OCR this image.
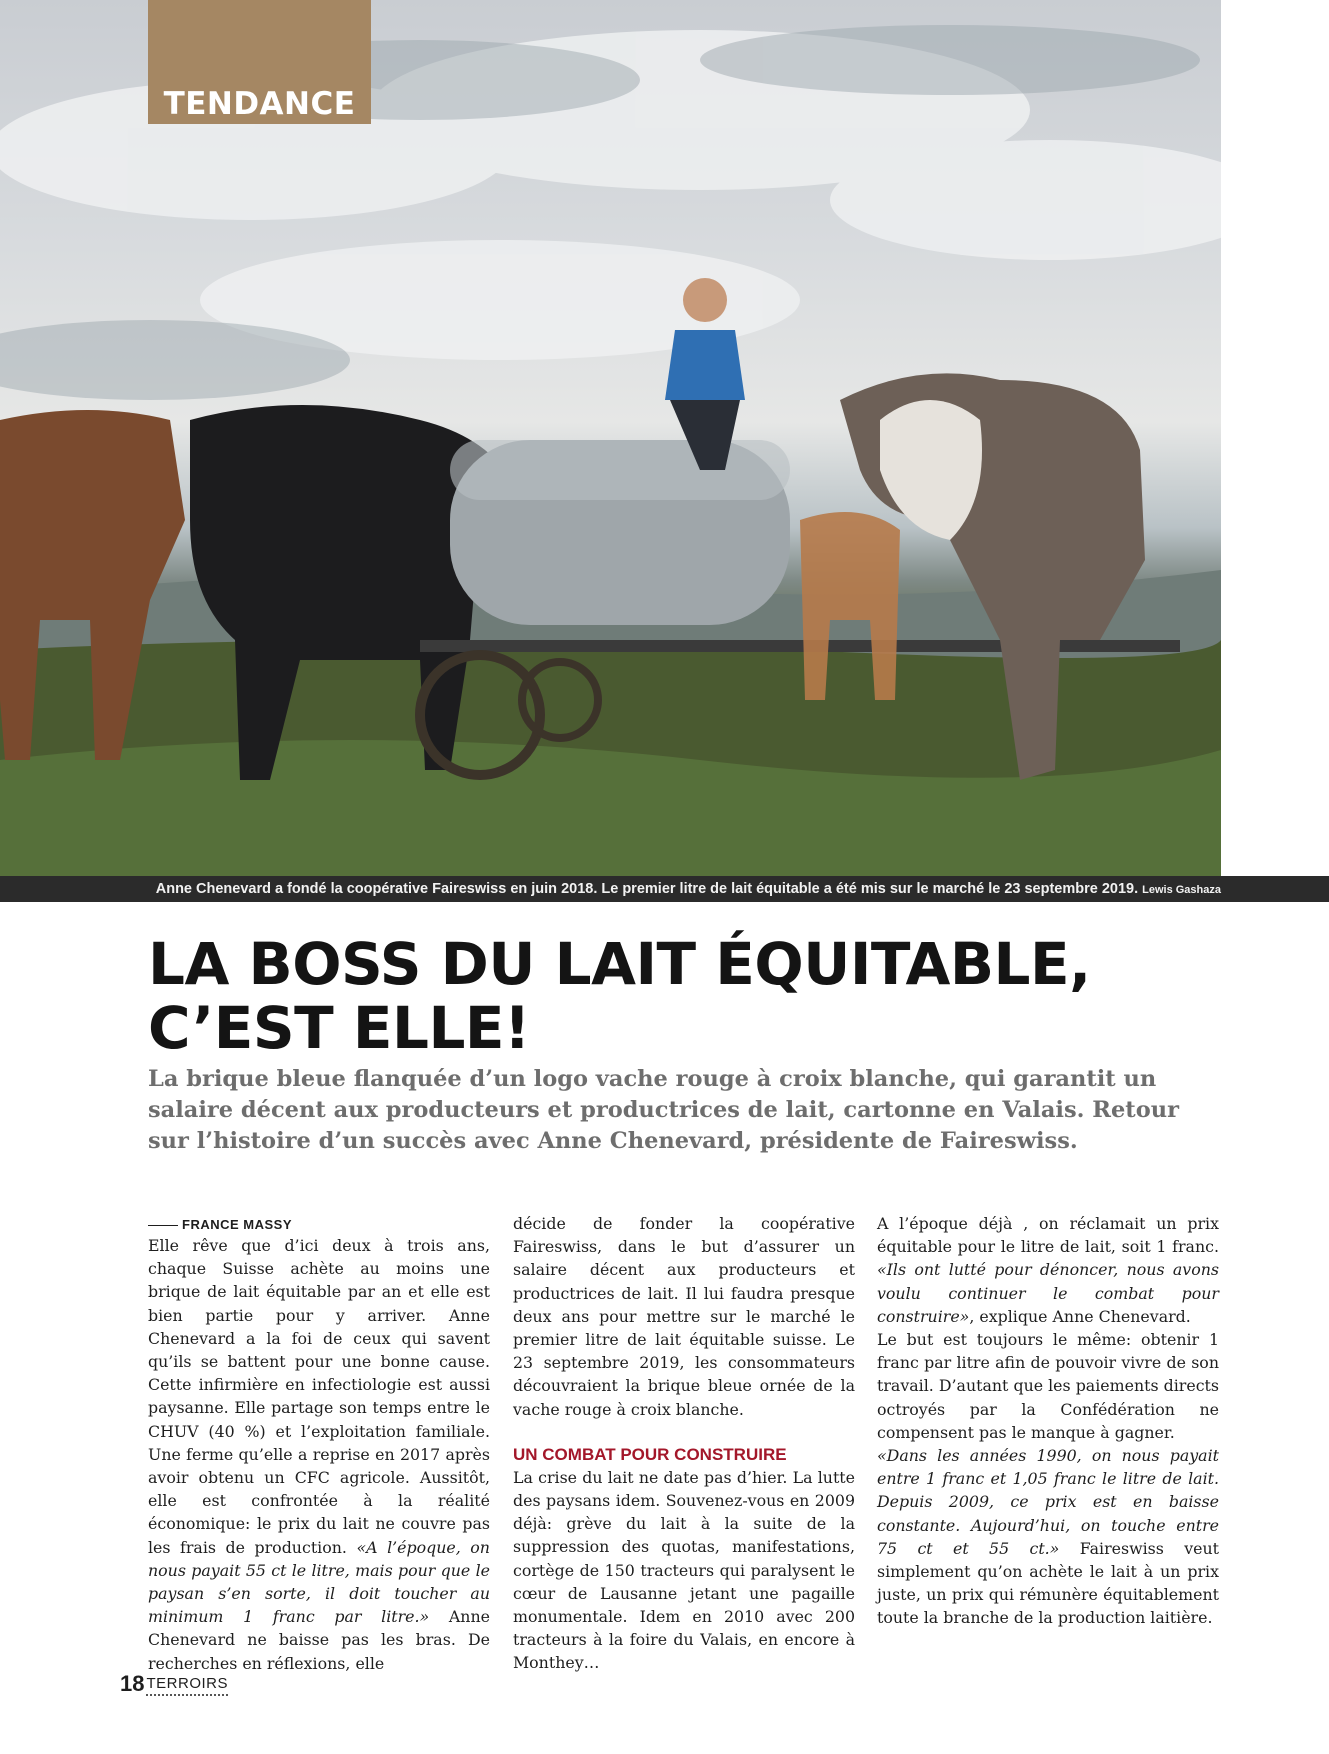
TENDANCE
Anne Chenevard a fondé la coopérative Faireswiss en juin 2018. Le premier litre de lait équitable a été mis sur le marché le 23 septembre 2019. Lewis Gashaza
LA BOSS DU LAIT ÉQUITABLE,
C’EST ELLE!

La brique bleue flanquée d’un logo vache rouge à croix blanche, qui garantit un salaire décent aux producteurs et productrices de lait, cartonne en Valais. Retour sur l’histoire d’un succès avec Anne Chenevard, présidente de Faireswiss.

FRANCE MASSY

Elle rêve que d’ici deux à trois ans, chaque Suisse achète au moins une brique de lait équitable par an et elle est bien partie pour y arriver. Anne Chenevard a la foi de ceux qui savent qu’ils se battent pour une bonne cause. Cette infirmière en infectiologie est aussi paysanne. Elle partage son temps entre le CHUV (40 %) et l’exploitation familiale. Une ferme qu’elle a reprise en 2017 après avoir obtenu un CFC agricole. Aussitôt, elle est confrontée à la réalité économique: le prix du lait ne couvre pas les frais de production. «A l’époque, on nous payait 55 ct le litre, mais pour que le paysan s’en sorte, il doit toucher au minimum 1 franc par litre.» Anne Chenevard ne baisse pas les bras. De recherches en réflexions, elle

décide de fonder la coopérative Faireswiss, dans le but d’assurer un salaire décent aux producteurs et productrices de lait. Il lui faudra presque deux ans pour mettre sur le marché le premier litre de lait équitable suisse. Le 23 septembre 2019, les consommateurs découvraient la brique bleue ornée de la vache rouge à croix blanche.

UN COMBAT POUR CONSTRUIRE

La crise du lait ne date pas d’hier. La lutte des paysans idem. Souvenez-vous en 2009 déjà: grève du lait à la suite de la suppression des quotas, manifestations, cortège de 150 tracteurs qui paralysent le cœur de Lausanne jetant une pagaille monumentale. Idem en 2010 avec 200 tracteurs à la foire du Valais, en encore à Monthey…

A l’époque déjà , on réclamait un prix équitable pour le litre de lait, soit 1 franc. «Ils ont lutté pour dénoncer, nous avons voulu continuer le combat pour construire», explique Anne Chenevard.

Le but est toujours le même: obtenir 1 franc par litre afin de pouvoir vivre de son travail. D’autant que les paiements directs octroyés par la Confédération ne compensent pas le manque à gagner.

«Dans les années 1990, on nous payait entre 1 franc et 1,05 franc le litre de lait. Depuis 2009, ce prix est en baisse constante. Aujourd’hui, on touche entre 75 ct et 55 ct.» Faireswiss veut simplement qu’on achète le lait à un prix juste, un prix qui rémunère équitablement toute la branche de la production laitière.

18 TERROIRS
